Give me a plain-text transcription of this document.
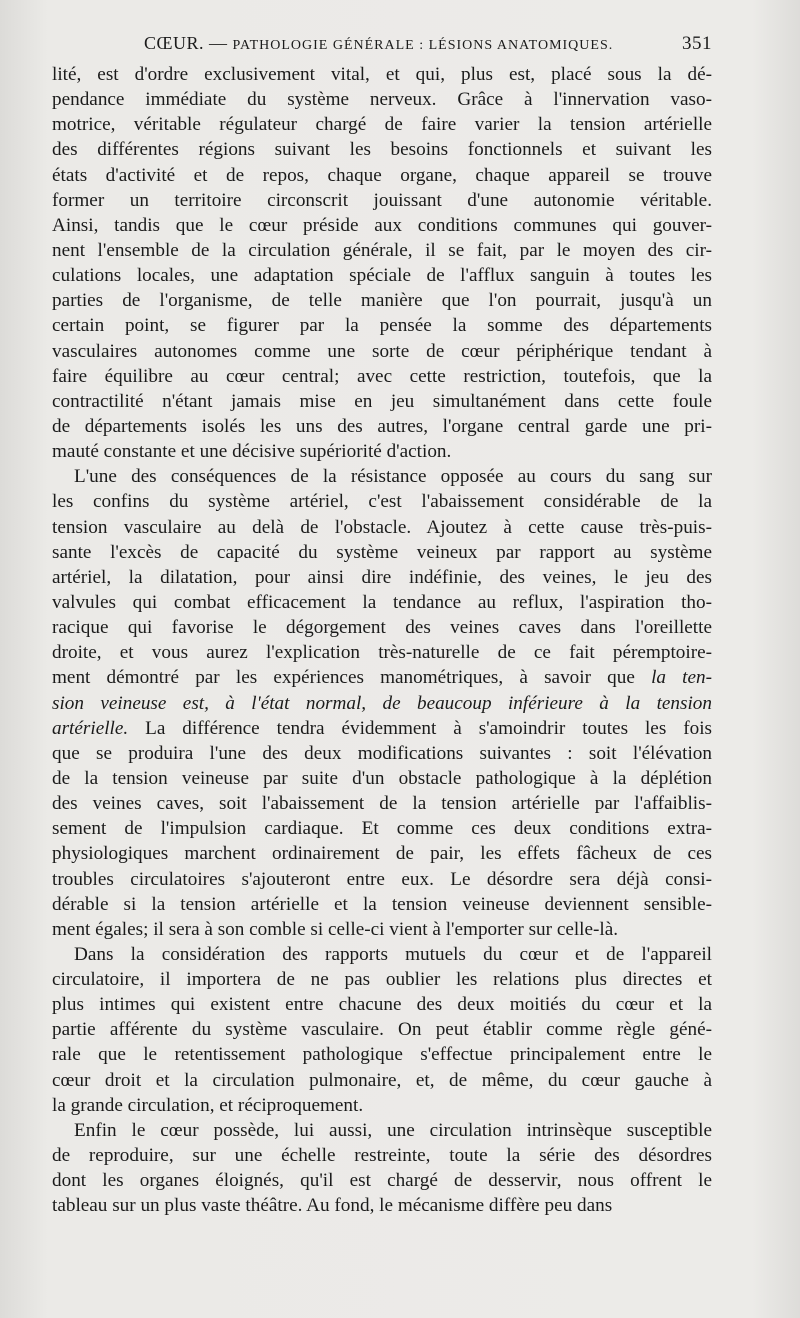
CŒUR. — PATHOLOGIE GÉNÉRALE : LÉSIONS ANATOMIQUES.	351
lité, est d'ordre exclusivement vital, et qui, plus est, placé sous la dé-
pendance immédiate du système nerveux. Grâce à l'innervation vaso-
motrice, véritable régulateur chargé de faire varier la tension artérielle
des différentes régions suivant les besoins fonctionnels et suivant les
états d'activité et de repos, chaque organe, chaque appareil se trouve
former un territoire circonscrit jouissant d'une autonomie véritable.
Ainsi, tandis que le cœur préside aux conditions communes qui gouver-
nent l'ensemble de la circulation générale, il se fait, par le moyen des cir-
culations locales, une adaptation spéciale de l'afflux sanguin à toutes les
parties de l'organisme, de telle manière que l'on pourrait, jusqu'à un
certain point, se figurer par la pensée la somme des départements
vasculaires autonomes comme une sorte de cœur périphérique tendant à
faire équilibre au cœur central; avec cette restriction, toutefois, que la
contractilité n'étant jamais mise en jeu simultanément dans cette foule
de départements isolés les uns des autres, l'organe central garde une pri-
mauté constante et une décisive supériorité d'action.
L'une des conséquences de la résistance opposée au cours du sang sur
les confins du système artériel, c'est l'abaissement considérable de la
tension vasculaire au delà de l'obstacle. Ajoutez à cette cause très-puis-
sante l'excès de capacité du système veineux par rapport au système
artériel, la dilatation, pour ainsi dire indéfinie, des veines, le jeu des
valvules qui combat efficacement la tendance au reflux, l'aspiration tho-
racique qui favorise le dégorgement des veines caves dans l'oreillette
droite, et vous aurez l'explication très-naturelle de ce fait péremptoire-
ment démontré par les expériences manométriques, à savoir que la ten-
sion veineuse est, à l'état normal, de beaucoup inférieure à la tension
artérielle. La différence tendra évidemment à s'amoindrir toutes les fois
que se produira l'une des deux modifications suivantes : soit l'élévation
de la tension veineuse par suite d'un obstacle pathologique à la déplétion
des veines caves, soit l'abaissement de la tension artérielle par l'affaiblis-
sement de l'impulsion cardiaque. Et comme ces deux conditions extra-
physiologiques marchent ordinairement de pair, les effets fâcheux de ces
troubles circulatoires s'ajouteront entre eux. Le désordre sera déjà consi-
dérable si la tension artérielle et la tension veineuse deviennent sensible-
ment égales; il sera à son comble si celle-ci vient à l'emporter sur celle-là.
Dans la considération des rapports mutuels du cœur et de l'appareil
circulatoire, il importera de ne pas oublier les relations plus directes et
plus intimes qui existent entre chacune des deux moitiés du cœur et la
partie afférente du système vasculaire. On peut établir comme règle géné-
rale que le retentissement pathologique s'effectue principalement entre le
cœur droit et la circulation pulmonaire, et, de même, du cœur gauche à
la grande circulation, et réciproquement.
Enfin le cœur possède, lui aussi, une circulation intrinsèque susceptible
de reproduire, sur une échelle restreinte, toute la série des désordres
dont les organes éloignés, qu'il est chargé de desservir, nous offrent le
tableau sur un plus vaste théâtre. Au fond, le mécanisme diffère peu dans
